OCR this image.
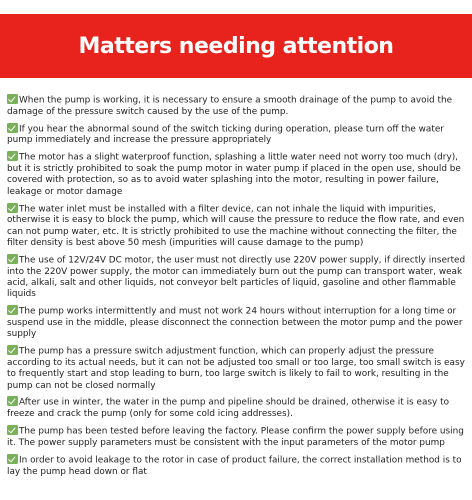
Matters needing attention

When the pump is working, it is necessary to ensure a smooth drainage of the pump to avoid the damage of the pressure switch caused by the use of the pump.

If you hear the abnormal sound of the switch ticking during operation, please turn off the water pump immediately and increase the pressure appropriately

The motor has a slight waterproof function, splashing a little water need not worry too much (dry), but it is strictly prohibited to soak the pump motor in water pump if placed in the open use, should be covered with protection, so as to avoid water splashing into the motor, resulting in power failure, leakage or motor damage

The water inlet must be installed with a filter device, can not inhale the liquid with impurities, otherwise it is easy to block the pump, which will cause the pressure to reduce the flow rate, and even can not pump water, etc. It is strictly prohibited to use the machine without connecting the filter, the filter density is best above 50 mesh (impurities will cause damage to the pump)

The use of 12V/24V DC motor, the user must not directly use 220V power supply, if directly inserted into the 220V power supply, the motor can immediately burn out the pump can transport water, weak acid, alkali, salt and other liquids, not conveyor belt particles of liquid, gasoline and other flammable liquids

The pump works intermittently and must not work 24 hours without interruption for a long time or suspend use in the middle, please disconnect the connection between the motor pump and the power supply

The pump has a pressure switch adjustment function, which can properly adjust the pressure according to its actual needs, but it can not be adjusted too small or too large, too small switch is easy to frequently start and stop leading to burn, too large switch is likely to fail to work, resulting in the pump can not be closed normally

After use in winter, the water in the pump and pipeline should be drained, otherwise it is easy to freeze and crack the pump (only for some cold icing addresses).

The pump has been tested before leaving the factory. Please confirm the power supply before using it. The power supply parameters must be consistent with the input parameters of the motor pump

In order to avoid leakage to the rotor in case of product failure, the correct installation method is to lay the pump head down or flat
